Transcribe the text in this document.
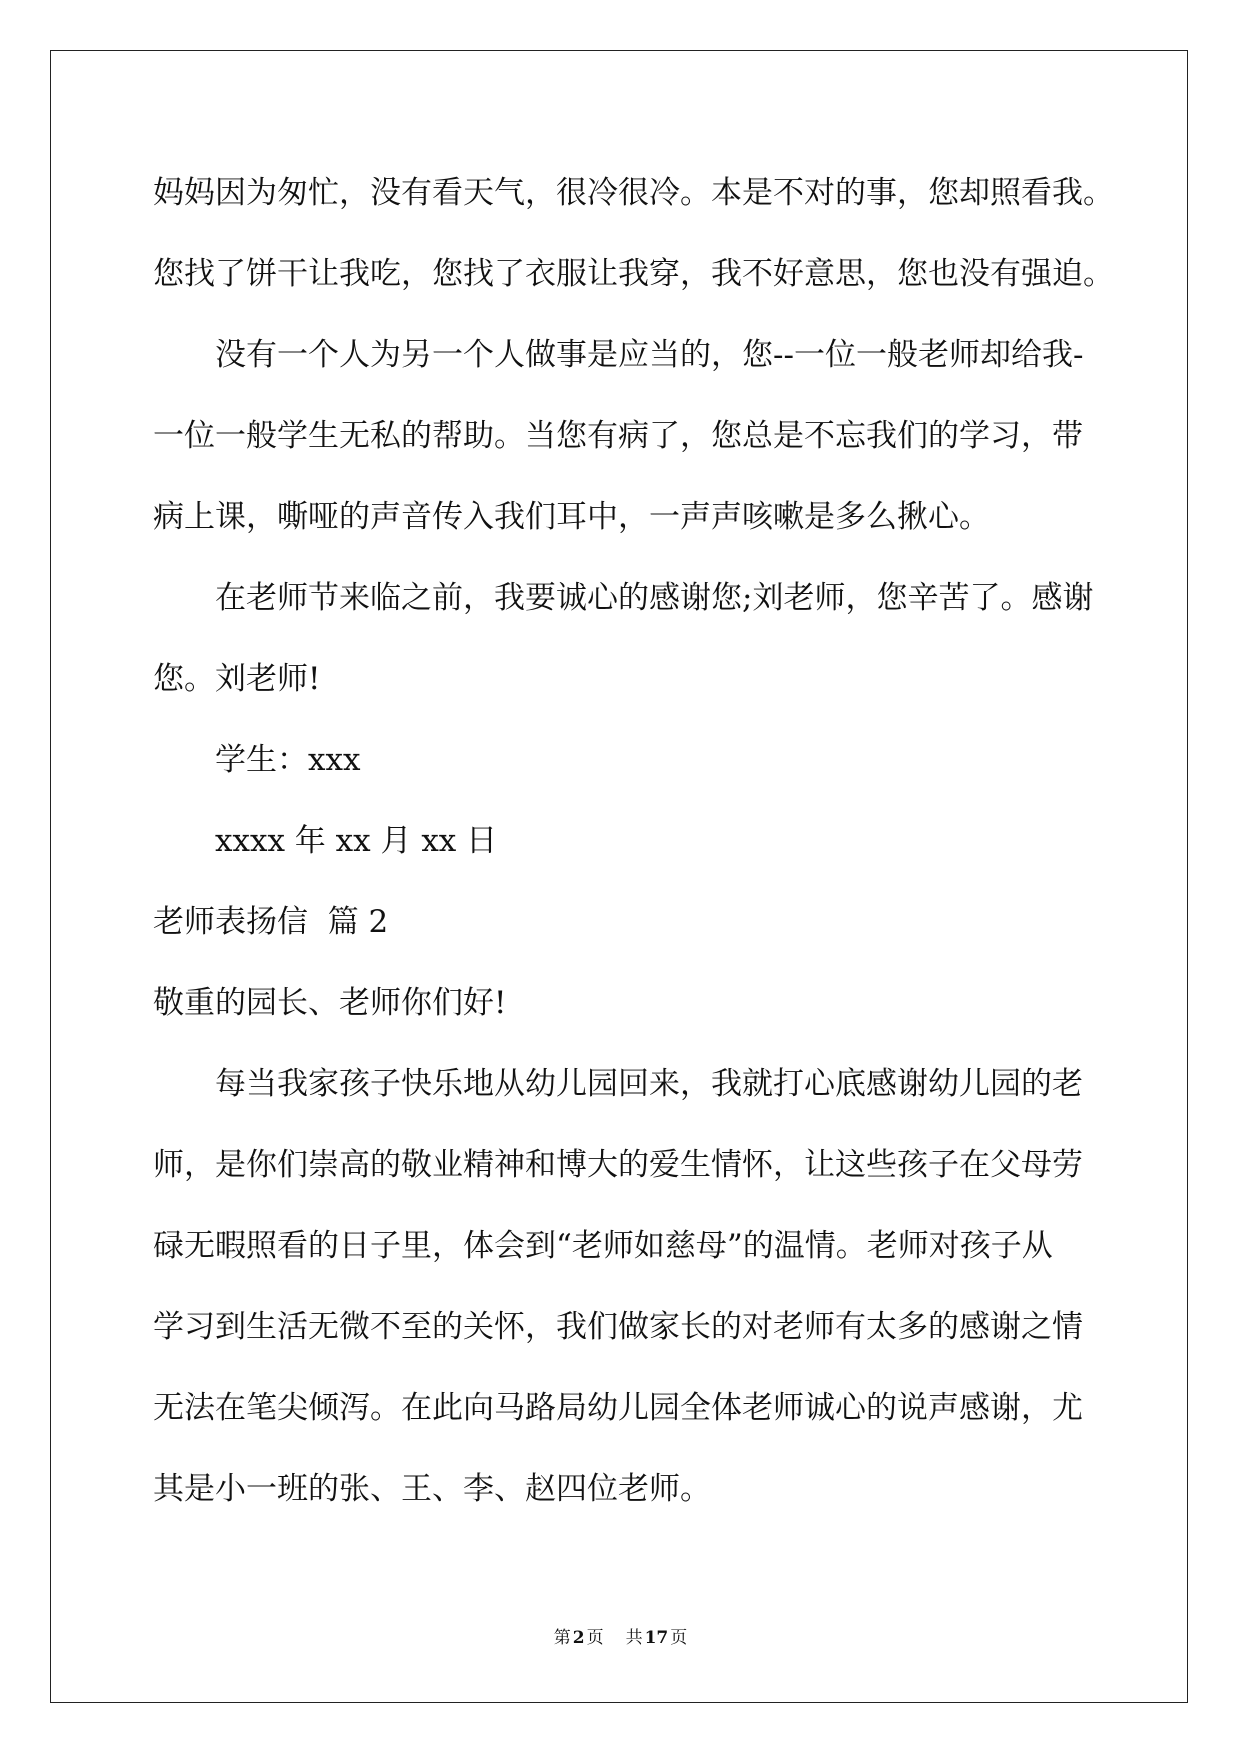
妈妈因为匆忙，没有看天气，很冷很冷。本是不对的事，您却照看我。
您找了饼干让我吃，您找了衣服让我穿，我不好意思，您也没有强迫。
没有一个人为另一个人做事是应当的，您--一位一般老师却给我-
一位一般学生无私的帮助。当您有病了，您总是不忘我们的学习，带
病上课，嘶哑的声音传入我们耳中，一声声咳嗽是多么揪心。
在老师节来临之前，我要诚心的感谢您;刘老师，您辛苦了。感谢
您。刘老师!
学生：xxx
xxxx 年 xx 月 xx 日
老师表扬信  篇 2
敬重的园长、老师你们好!
每当我家孩子快乐地从幼儿园回来，我就打心底感谢幼儿园的老
师，是你们崇高的敬业精神和博大的爱生情怀，让这些孩子在父母劳
碌无暇照看的日子里，体会到“老师如慈母”的温情。老师对孩子从
学习到生活无微不至的关怀，我们做家长的对老师有太多的感谢之情
无法在笔尖倾泻。在此向马路局幼儿园全体老师诚心的说声感谢，尤
其是小一班的张、王、李、赵四位老师。
第 2 页 共 17 页
